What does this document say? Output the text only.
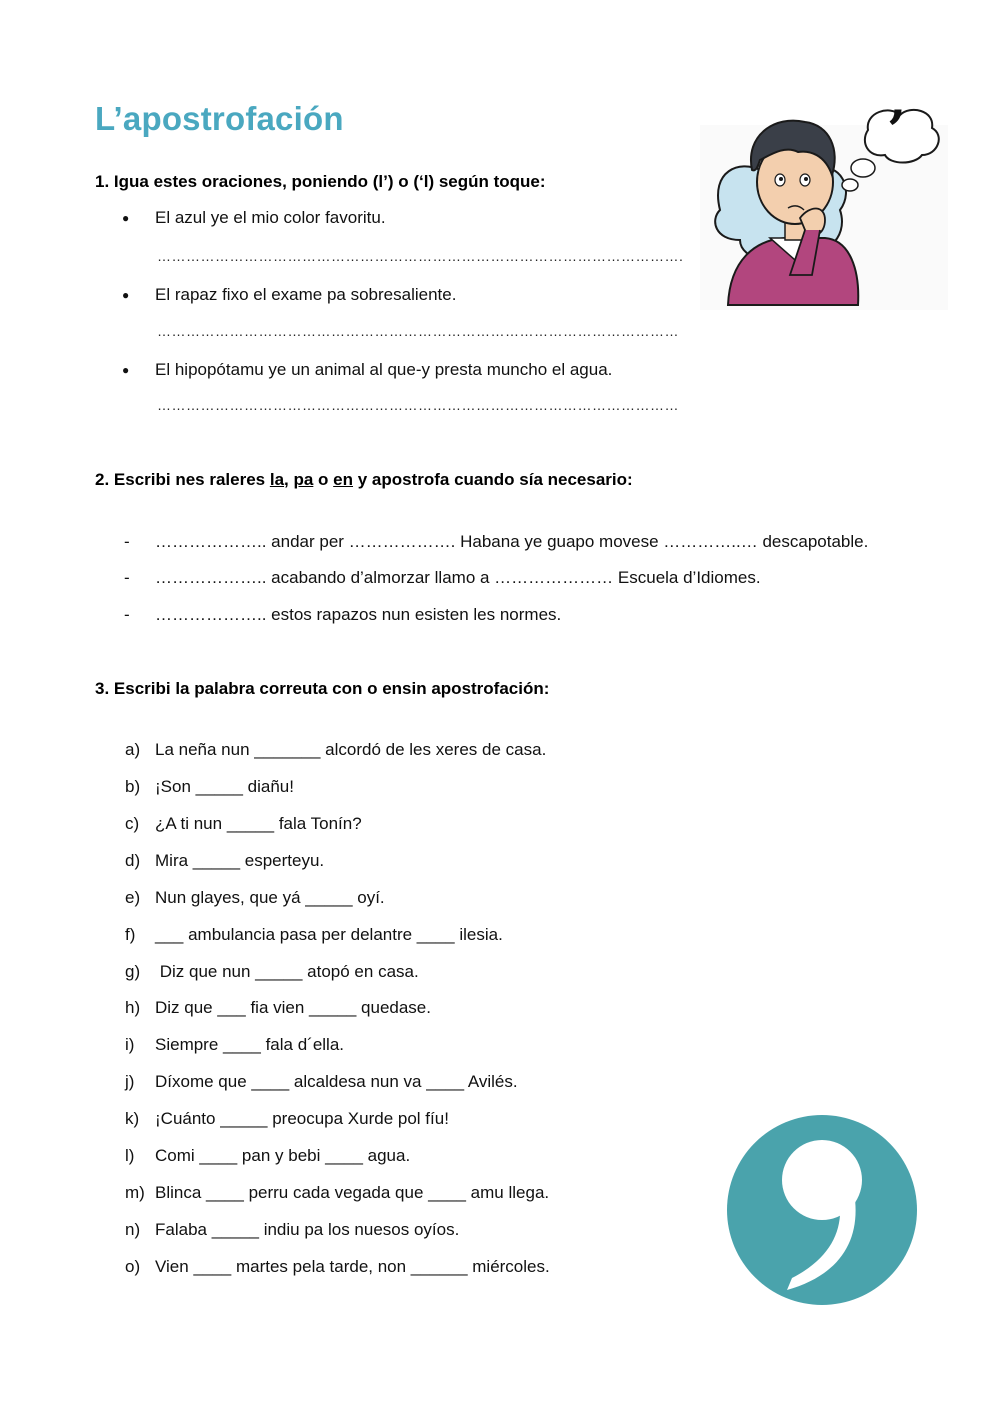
L’apostrofación
1. Igua estes oraciones, poniendo (l’) o (‘l) según toque:
● El azul ye el mio color favoritu.
……………………………………………………………………………………………….
● El rapaz fixo el exame pa sobresaliente.
………………………………………………………………………………………………
● El hipopótamu ye un animal al que-y presta muncho el agua.
………………………………………………………………………………………………
2. Escribi nes raleres la, pa o en y apostrofa cuando sía necesario:
- ……………….. andar per ………………. Habana ye guapo movese …………..… descapotable.
- ……………….. acabando d’almorzar llamo a ………………… Escuela d’Idiomes.
- ……………….. estos rapazos nun esisten les normes.
3. Escribi la palabra correuta con o ensin apostrofación:
a) La neña nun _______ alcordó de les xeres de casa.
b) ¡Son _____ diañu!
c) ¿A ti nun _____ fala Tonín?
d) Mira _____ esperteyu.
e) Nun glayes, que yá _____ oyí.
f) ___ ambulancia pasa per delantre ____ ilesia.
g) Diz que nun _____ atopó en casa.
h) Diz que ___ fia vien _____ quedase.
i) Siempre ____ fala d´ella.
j) Díxome que ____ alcaldesa nun va ____ Avilés.
k) ¡Cuánto _____ preocupa Xurde pol fíu!
l) Comi ____ pan y bebi ____ agua.
m) Blinca ____ perru cada vegada que ____ amu llega.
n) Falaba _____ indiu pa los nuesos oyíos.
o) Vien ____ martes pela tarde, non ______ miércoles.
’
